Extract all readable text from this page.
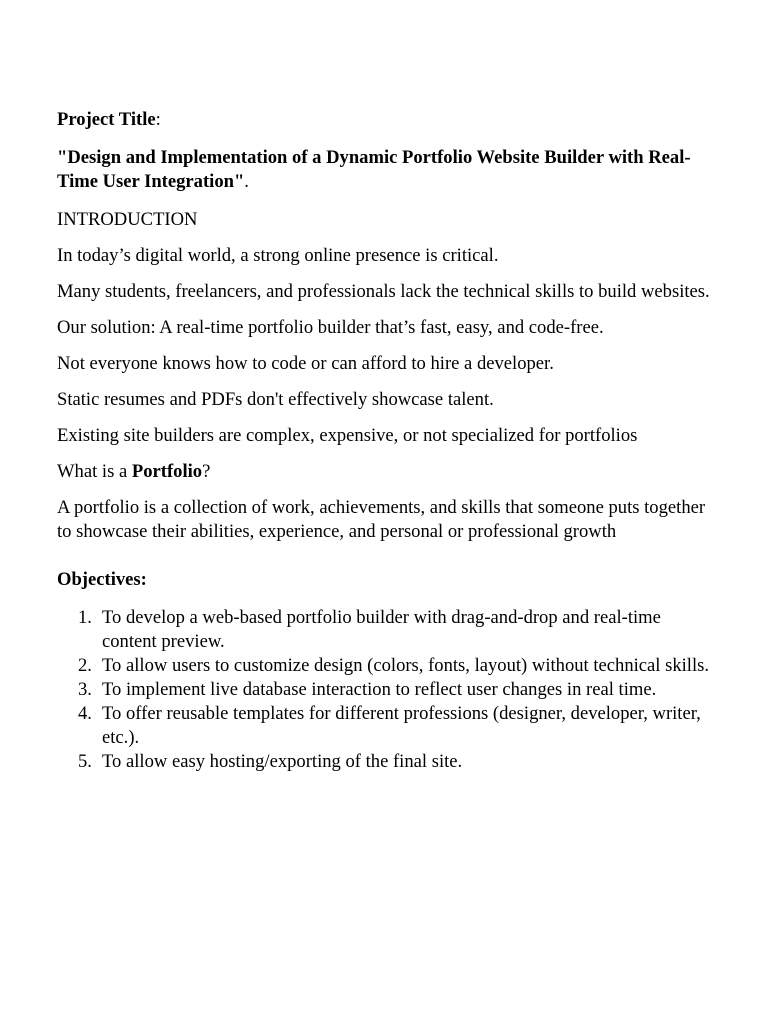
Project Title:

"Design and Implementation of a Dynamic Portfolio Website Builder with Real-Time User Integration".

INTRODUCTION

In today’s digital world, a strong online presence is critical.

Many students, freelancers, and professionals lack the technical skills to build websites.

Our solution: A real-time portfolio builder that’s fast, easy, and code-free.

Not everyone knows how to code or can afford to hire a developer.

Static resumes and PDFs don't effectively showcase talent.

Existing site builders are complex, expensive, or not specialized for portfolios

What is a Portfolio?

A portfolio is a collection of work, achievements, and skills that someone puts together to showcase their abilities, experience, and personal or professional growth

Objectives:

1. To develop a web-based portfolio builder with drag-and-drop and real-time content preview.
2. To allow users to customize design (colors, fonts, layout) without technical skills.
3. To implement live database interaction to reflect user changes in real time.
4. To offer reusable templates for different professions (designer, developer, writer, etc.).
5. To allow easy hosting/exporting of the final site.
